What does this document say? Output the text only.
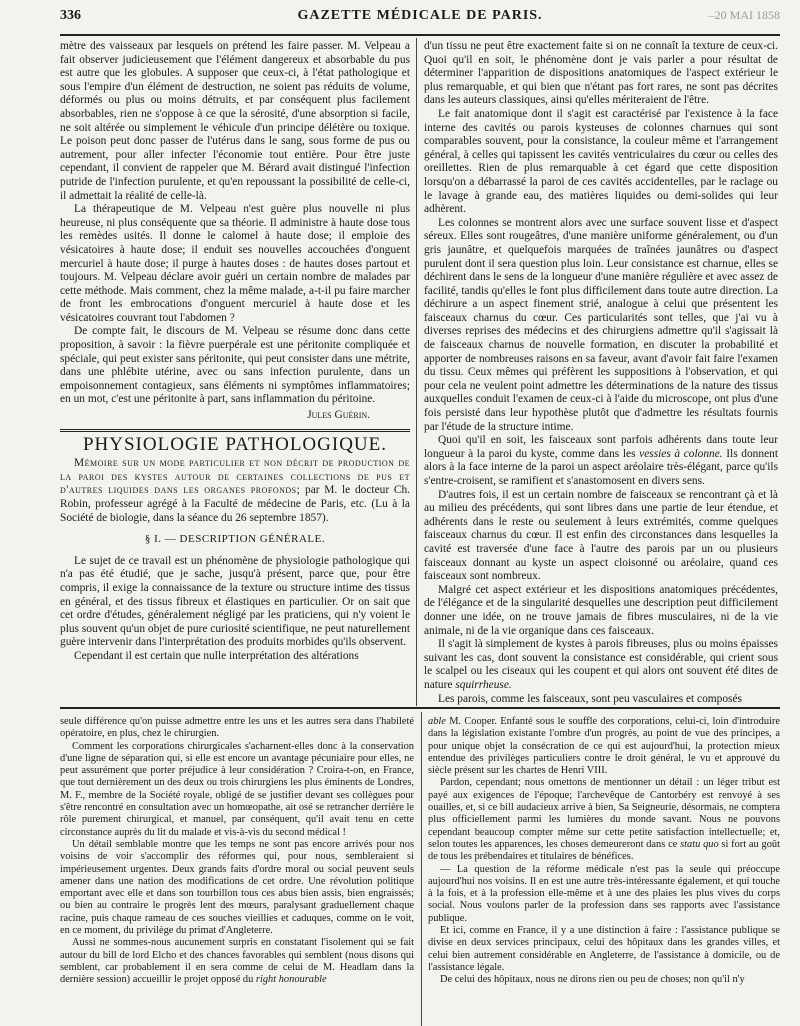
336	GAZETTE MÉDICALE DE PARIS.	–20 MAI 1858

mètre des vaisseaux par lesquels on prétend les faire passer. M. Velpeau a fait observer judicieusement que l'élément dangereux et absorbable du pus est autre que les globules. A supposer que ceux-ci, à l'état pathologique et sous l'empire d'un élément de destruction, ne soient pas réduits de volume, déformés ou plus ou moins détruits, et par conséquent plus facilement absorbables, rien ne s'oppose à ce que la sérosité, d'une absorption si facile, ne soit altérée ou simplement le véhicule d'un principe délétère ou toxique. Le poison peut donc passer de l'utérus dans le sang, sous forme de pus ou autrement, pour aller infecter l'économie tout entière. Pour être juste cependant, il convient de rappeler que M. Bérard avait distingué l'infection putride de l'infection purulente, et qu'en repoussant la possibilité de celle-ci, il admettait la réalité de celle-là.

La thérapeutique de M. Velpeau n'est guère plus nouvelle ni plus heureuse, ni plus conséquente que sa théorie. Il administre à haute dose tous les remèdes usités. Il donne le calomel à haute dose; il emploie des vésicatoires à haute dose; il enduit ses nouvelles accouchées d'onguent mercuriel à haute dose; il purge à hautes doses : de hautes doses partout et toujours. M. Velpeau déclare avoir guéri un certain nombre de malades par cette méthode. Mais comment, chez la même malade, a-t-il pu faire marcher de front les embrocations d'onguent mercuriel à haute dose et les vésicatoires couvrant tout l'abdomen ?

De compte fait, le discours de M. Velpeau se résume donc dans cette proposition, à savoir : la fièvre puerpérale est une péritonite compliquée et spéciale, qui peut exister sans péritonite, qui peut consister dans une métrite, dans une phlébite utérine, avec ou sans infection purulente, dans un empoisonnement contagieux, sans éléments ni symptômes inflammatoires; en un mot, c'est une péritonite à part, sans inflammation du péritoine.

Jules Guérin.
PHYSIOLOGIE PATHOLOGIQUE.

Mémoire sur un mode particulier et non décrit de production de la paroi des kystes autour de certaines collections de pus et d'autres liquides dans les organes profonds; par M. le docteur Ch. Robin, professeur agrégé à la Faculté de médecine de Paris, etc. (Lu à la Société de biologie, dans la séance du 26 septembre 1857).

§ I. — DESCRIPTION GÉNÉRALE.

Le sujet de ce travail est un phénomène de physiologie pathologique qui n'a pas été étudié, que je sache, jusqu'à présent, parce que, pour être compris, il exige la connaissance de la texture ou structure intime des tissus en général, et des tissus fibreux et élastiques en particulier. Or on sait que cet ordre d'études, généralement négligé par les praticiens, qui n'y voient le plus souvent qu'un objet de pure curiosité scientifique, ne peut naturellement guère intervenir dans l'interprétation des produits morbides qu'ils observent.

Cependant il est certain que nulle interprétation des altérations

d'un tissu ne peut être exactement faite si on ne connaît la texture de ceux-ci. Quoi qu'il en soit, le phénomène dont je vais parler a pour résultat de déterminer l'apparition de dispositions anatomiques de l'aspect extérieur le plus remarquable, et qui bien que n'étant pas fort rares, ne sont pas décrites dans les auteurs classiques, ainsi qu'elles mériteraient de l'être.

Le fait anatomique dont il s'agit est caractérisé par l'existence à la face interne des cavités ou parois kysteuses de colonnes charnues qui sont comparables souvent, pour la consistance, la couleur même et l'arrangement général, à celles qui tapissent les cavités ventriculaires du cœur ou celles des oreillettes. Rien de plus remarquable à cet égard que cette disposition lorsqu'on a débarrassé la paroi de ces cavités accidentelles, par le raclage ou le lavage à grande eau, des matières liquides ou demi-solides qui leur adhèrent.

Les colonnes se montrent alors avec une surface souvent lisse et d'aspect séreux. Elles sont rougeâtres, d'une manière uniforme généralement, ou d'un gris jaunâtre, et quelquefois marquées de traînées jaunâtres ou d'aspect purulent dont il sera question plus loin. Leur consistance est charnue, elles se déchirent dans le sens de la longueur d'une manière régulière et avec assez de facilité, tandis qu'elles le font plus difficilement dans toute autre direction. La déchirure a un aspect finement strié, analogue à celui que présentent les faisceaux charnus du cœur. Ces particularités sont telles, que j'ai vu à diverses reprises des médecins et des chirurgiens admettre qu'il s'agissait là de faisceaux charnus de nouvelle formation, en discuter la probabilité et apporter de nombreuses raisons en sa faveur, avant d'avoir fait faire l'examen du tissu. Ceux mêmes qui préfèrent les suppositions à l'observation, et qui pour cela ne veulent point admettre les déterminations de la nature des tissus auxquelles conduit l'examen de ceux-ci à l'aide du microscope, ont plus d'une fois persisté dans leur hypothèse plutôt que d'admettre les résultats fournis par l'étude de la structure intime.

Quoi qu'il en soit, les faisceaux sont parfois adhérents dans toute leur longueur à la paroi du kyste, comme dans les vessies à colonne. Ils donnent alors à la face interne de la paroi un aspect aréolaire très-élégant, parce qu'ils s'entre-croisent, se ramifient et s'anastomosent en divers sens.

D'autres fois, il est un certain nombre de faisceaux se rencontrant çà et là au milieu des précédents, qui sont libres dans une partie de leur étendue, et adhérents dans le reste ou seulement à leurs extrémités, comme quelques faisceaux charnus du cœur. Il est enfin des circonstances dans lesquelles la cavité est traversée d'une face à l'autre des parois par un ou plusieurs faisceaux donnant au kyste un aspect cloisonné ou aréolaire, quand ces faisceaux sont nombreux.

Malgré cet aspect extérieur et les dispositions anatomiques précédentes, de l'élégance et de la singularité desquelles une description peut difficilement donner une idée, on ne trouve jamais de fibres musculaires, ni de la vie animale, ni de la vie organique dans ces faisceaux.

Il s'agit là simplement de kystes à parois fibreuses, plus ou moins épaisses suivant les cas, dont souvent la consistance est considérable, qui crient sous le scalpel ou les ciseaux qui les coupent et qui alors ont souvent été dites de nature squirrheuse.

Les parois, comme les faisceaux, sont peu vasculaires et composés

seule différence qu'on puisse admettre entre les uns et les autres sera dans l'habileté opératoire, en plus, chez le chirurgien.

Comment les corporations chirurgicales s'acharnent-elles donc à la conservation d'une ligne de séparation qui, si elle est encore un avantage pécuniaire pour elles, ne peut assurément que porter préjudice à leur considération ? Croira-t-on, en France, que tout dernièrement un des deux ou trois chirurgiens les plus éminents de Londres, M. F., membre de la Société royale, obligé de se justifier devant ses collègues pour s'être rencontré en consultation avec un homœopathe, ait osé se retrancher derrière le rôle purement chirurgical, et manuel, par conséquent, qu'il avait tenu en cette circonstance auprès du lit du malade et vis-à-vis du second médical !

Un détail semblable montre que les temps ne sont pas encore arrivés pour nos voisins de voir s'accomplir des réformes qui, pour nous, sembleraient si impérieusement urgentes. Deux grands faits d'ordre moral ou social peuvent seuls amener dans une nation des modifications de cet ordre. Une révolution politique emportant avec elle et dans son tourbillon tous ces abus bien assis, bien engraissés; ou bien au contraire le progrès lent des mœurs, paralysant graduellement chaque racine, puis chaque rameau de ces souches vieillies et caduques, comme on le voit, en ce moment, du privilège du primat d'Angleterre.

Aussi ne sommes-nous aucunement surpris en constatant l'isolement qui se fait autour du bill de lord Elcho et des chances favorables qui semblent (nous disons qui semblent, car probablement il en sera comme de celui de M. Headlam dans la dernière session) accueillir le projet opposé du right honourable

able M. Cooper. Enfanté sous le souffle des corporations, celui-ci, loin d'introduire dans la législation existante l'ombre d'un progrès, au point de vue des principes, a pour unique objet la consécration de ce qui est aujourd'hui, la protection mieux entendue des privilèges particuliers contre le droit général, le vu et approuvé du siècle présent sur les chartes de Henri VIII.

Pardon, cependant; nous omettons de mentionner un détail : un léger tribut est payé aux exigences de l'époque; l'archevêque de Cantorbéry est renvoyé à ses ouailles, et, si ce bill audacieux arrive à bien, Sa Seigneurie, désormais, ne comptera plus officiellement parmi les lumières du monde savant. Nous ne pouvons cependant beaucoup compter même sur cette petite satisfaction intellectuelle; et, selon toutes les apparences, les choses demeureront dans ce statu quo si fort au goût de tous les prébendaires et titulaires de bénéfices.

— La question de la réforme médicale n'est pas la seule qui préoccupe aujourd'hui nos voisins. Il en est une autre très-intéressante également, et qui touche à la fois, et à la profession elle-même et à une des plaies les plus vives du corps social. Nous voulons parler de la profession dans ses rapports avec l'assistance publique.

Et ici, comme en France, il y a une distinction à faire : l'assistance publique se divise en deux services principaux, celui des hôpitaux dans les grandes villes, et celui bien autrement considérable en Angleterre, de l'assistance à domicile, ou de l'assistance légale.

De celui des hôpitaux, nous ne dirons rien ou peu de choses; non qu'il n'y
